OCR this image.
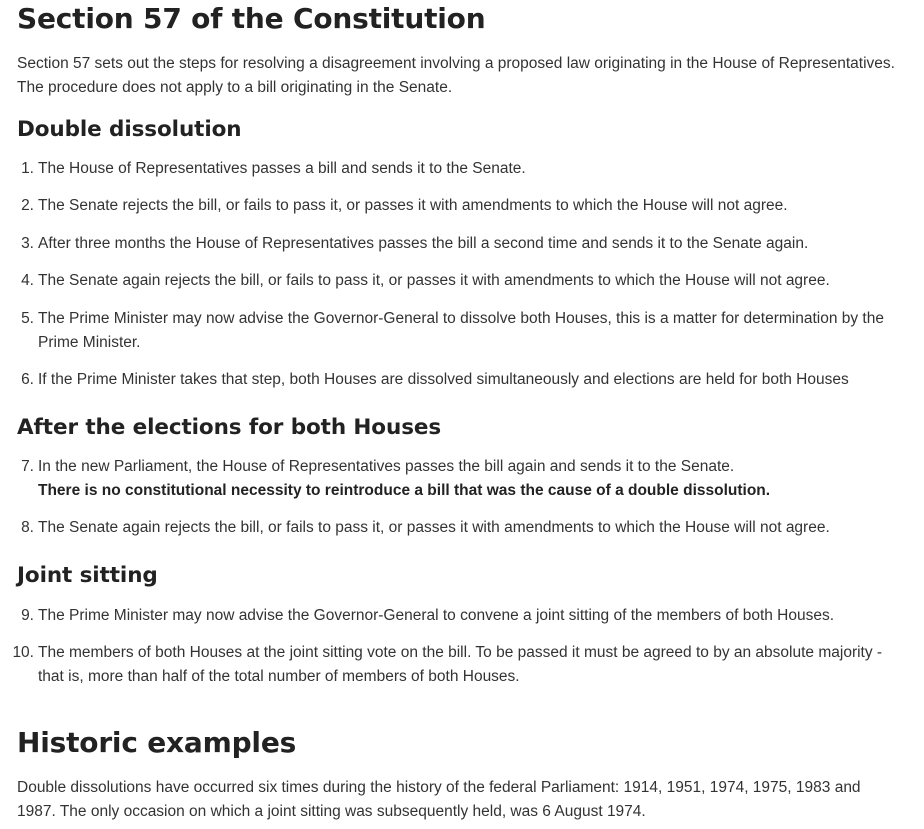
Section 57 of the Constitution

Section 57 sets out the steps for resolving a disagreement involving a proposed law originating in the House of Representatives. The procedure does not apply to a bill originating in the Senate.

Double dissolution
1. The House of Representatives passes a bill and sends it to the Senate.
2. The Senate rejects the bill, or fails to pass it, or passes it with amendments to which the House will not agree.
3. After three months the House of Representatives passes the bill a second time and sends it to the Senate again.
4. The Senate again rejects the bill, or fails to pass it, or passes it with amendments to which the House will not agree.
5. The Prime Minister may now advise the Governor-General to dissolve both Houses, this is a matter for determination by the Prime Minister.
6. If the Prime Minister takes that step, both Houses are dissolved simultaneously and elections are held for both Houses
After the elections for both Houses
7. In the new Parliament, the House of Representatives passes the bill again and sends it to the Senate.
There is no constitutional necessity to reintroduce a bill that was the cause of a double dissolution.
8. The Senate again rejects the bill, or fails to pass it, or passes it with amendments to which the House will not agree.
Joint sitting
9. The Prime Minister may now advise the Governor-General to convene a joint sitting of the members of both Houses.
10. The members of both Houses at the joint sitting vote on the bill. To be passed it must be agreed to by an absolute majority - that is, more than half of the total number of members of both Houses.
Historic examples

Double dissolutions have occurred six times during the history of the federal Parliament: 1914, 1951, 1974, 1975, 1983 and 1987. The only occasion on which a joint sitting was subsequently held, was 6 August 1974.
